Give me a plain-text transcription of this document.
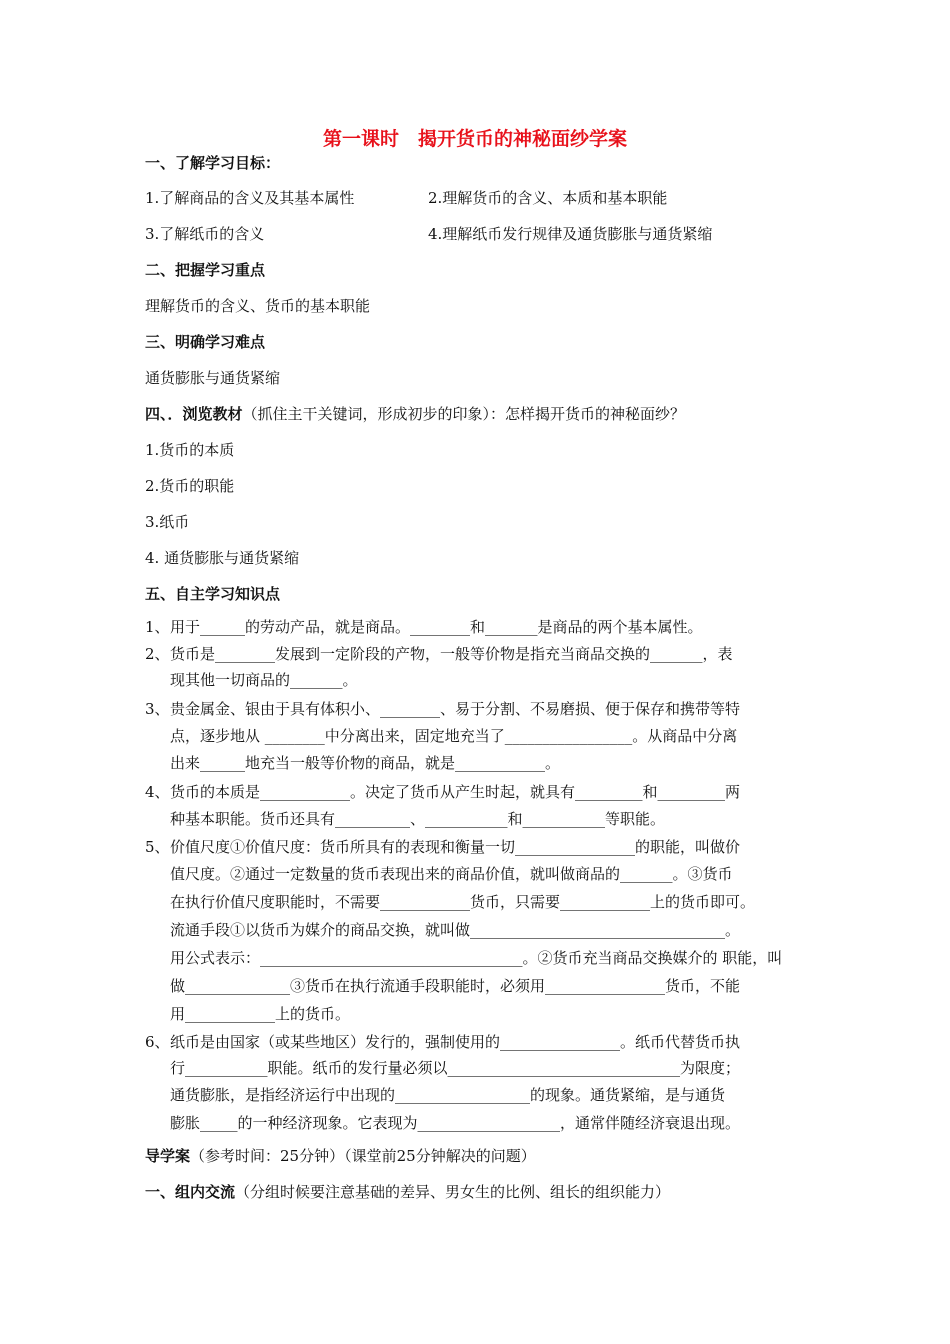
第一课时　揭开货币的神秘面纱学案
一、了解学习目标：
1.了解商品的含义及其基本属性	2.理解货币的含义、本质和基本职能
3.了解纸币的含义	4.理解纸币发行规律及通货膨胀与通货紧缩
二、把握学习重点
理解货币的含义、货币的基本职能
三、明确学习难点
通货膨胀与通货紧缩
四、．浏览教材（抓住主干关键词，形成初步的印象）：怎样揭开货币的神秘面纱？
1.货币的本质
2.货币的职能
3.纸币
4. 通货膨胀与通货紧缩
五、自主学习知识点
1、 用于______的劳动产品，就是商品。________和_______是商品的两个基本属性。
2、 货币是________发展到一定阶段的产物，一般等价物是指充当商品交换的_______，表
现其他一切商品的_______。
3、 贵金属金、银由于具有体积小、________、易于分割、不易磨损、便于保存和携带等特
点，逐步地从 ________中分离出来，固定地充当了_________________。从商品中分离
出来______地充当一般等价物的商品，就是____________。
4、 货币的本质是____________。决定了货币从产生时起，就具有_________和_________两
种基本职能。货币还具有__________、___________和___________等职能。
5、 价值尺度①价值尺度：货币所具有的表现和衡量一切________________的职能，叫做价
值尺度。②通过一定数量的货币表现出来的商品价值，就叫做商品的_______。③货币
在执行价值尺度职能时，不需要____________货币，只需要____________上的货币即可。
流通手段①以货币为媒介的商品交换，就叫做__________________________________。
用公式表示：___________________________________。②货币充当商品交换媒介的 职能，叫
做______________③货币在执行流通手段职能时，必须用________________货币，不能
用____________上的货币。
6、 纸币是由国家（或某些地区）发行的，强制使用的________________。纸币代替货币执
行___________职能。纸币的发行量必须以_______________________________为限度；
通货膨胀，是指经济运行中出现的__________________的现象。通货紧缩，是与通货
膨胀_____的一种经济现象。它表现为___________________，通常伴随经济衰退出现。
导学案（参考时间：25分钟）（课堂前25分钟解决的问题）
一、组内交流（分组时候要注意基础的差异、男女生的比例、组长的组织能力）
